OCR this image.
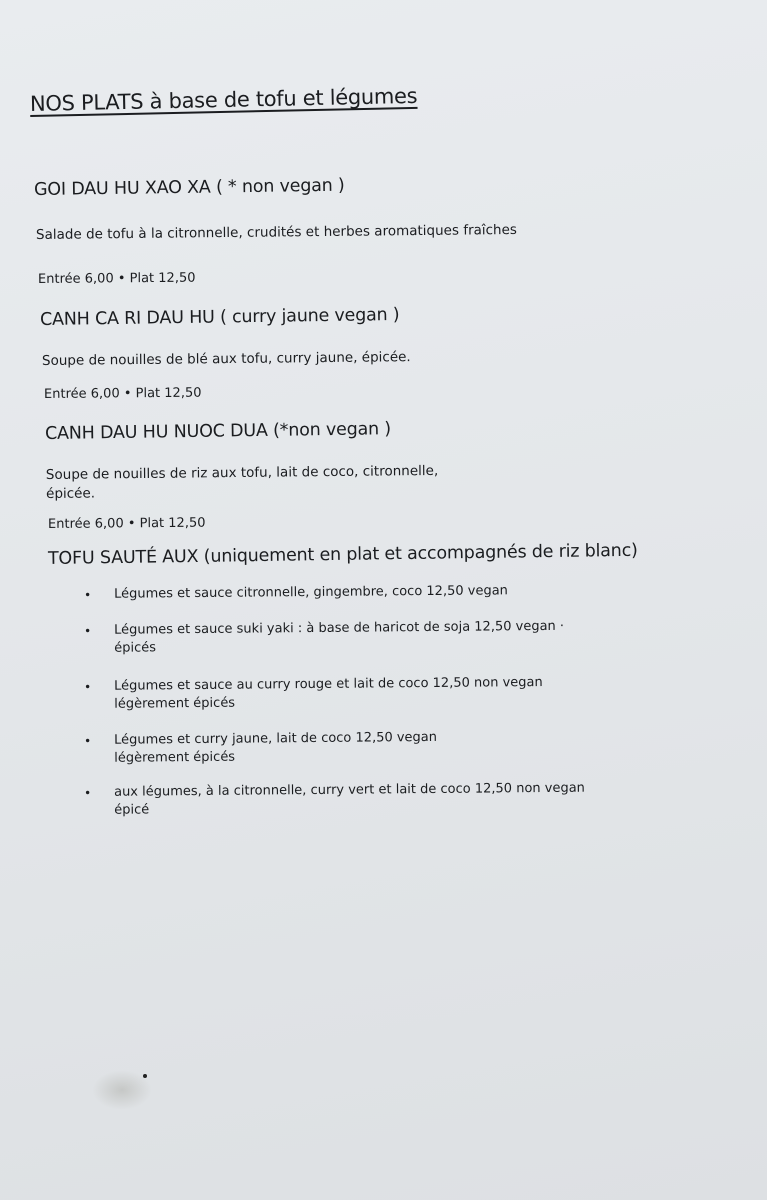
NOS PLATS à base de tofu et légumes
GOI DAU HU XAO XA ( * non vegan )
Salade de tofu à la citronnelle, crudités et herbes aromatiques fraîches
Entrée 6,00 • Plat 12,50
CANH CA RI DAU HU ( curry jaune vegan )
Soupe de nouilles de blé aux tofu, curry jaune, épicée.
Entrée 6,00 • Plat 12,50
CANH DAU HU NUOC DUA (*non vegan )
Soupe de nouilles de riz aux tofu, lait de coco, citronnelle,
épicée.
Entrée 6,00 • Plat 12,50
TOFU SAUTÉ AUX (uniquement en plat et accompagnés de riz blanc)
• Légumes et sauce citronnelle, gingembre, coco 12,50 vegan
• Légumes et sauce suki yaki : à base de haricot de soja 12,50 vegan ·
épicés
• Légumes et sauce au curry rouge et lait de coco 12,50 non vegan
légèrement épicés
• Légumes et curry jaune, lait de coco 12,50 vegan
légèrement épicés
• aux légumes, à la citronnelle, curry vert et lait de coco 12,50 non vegan
épicé
